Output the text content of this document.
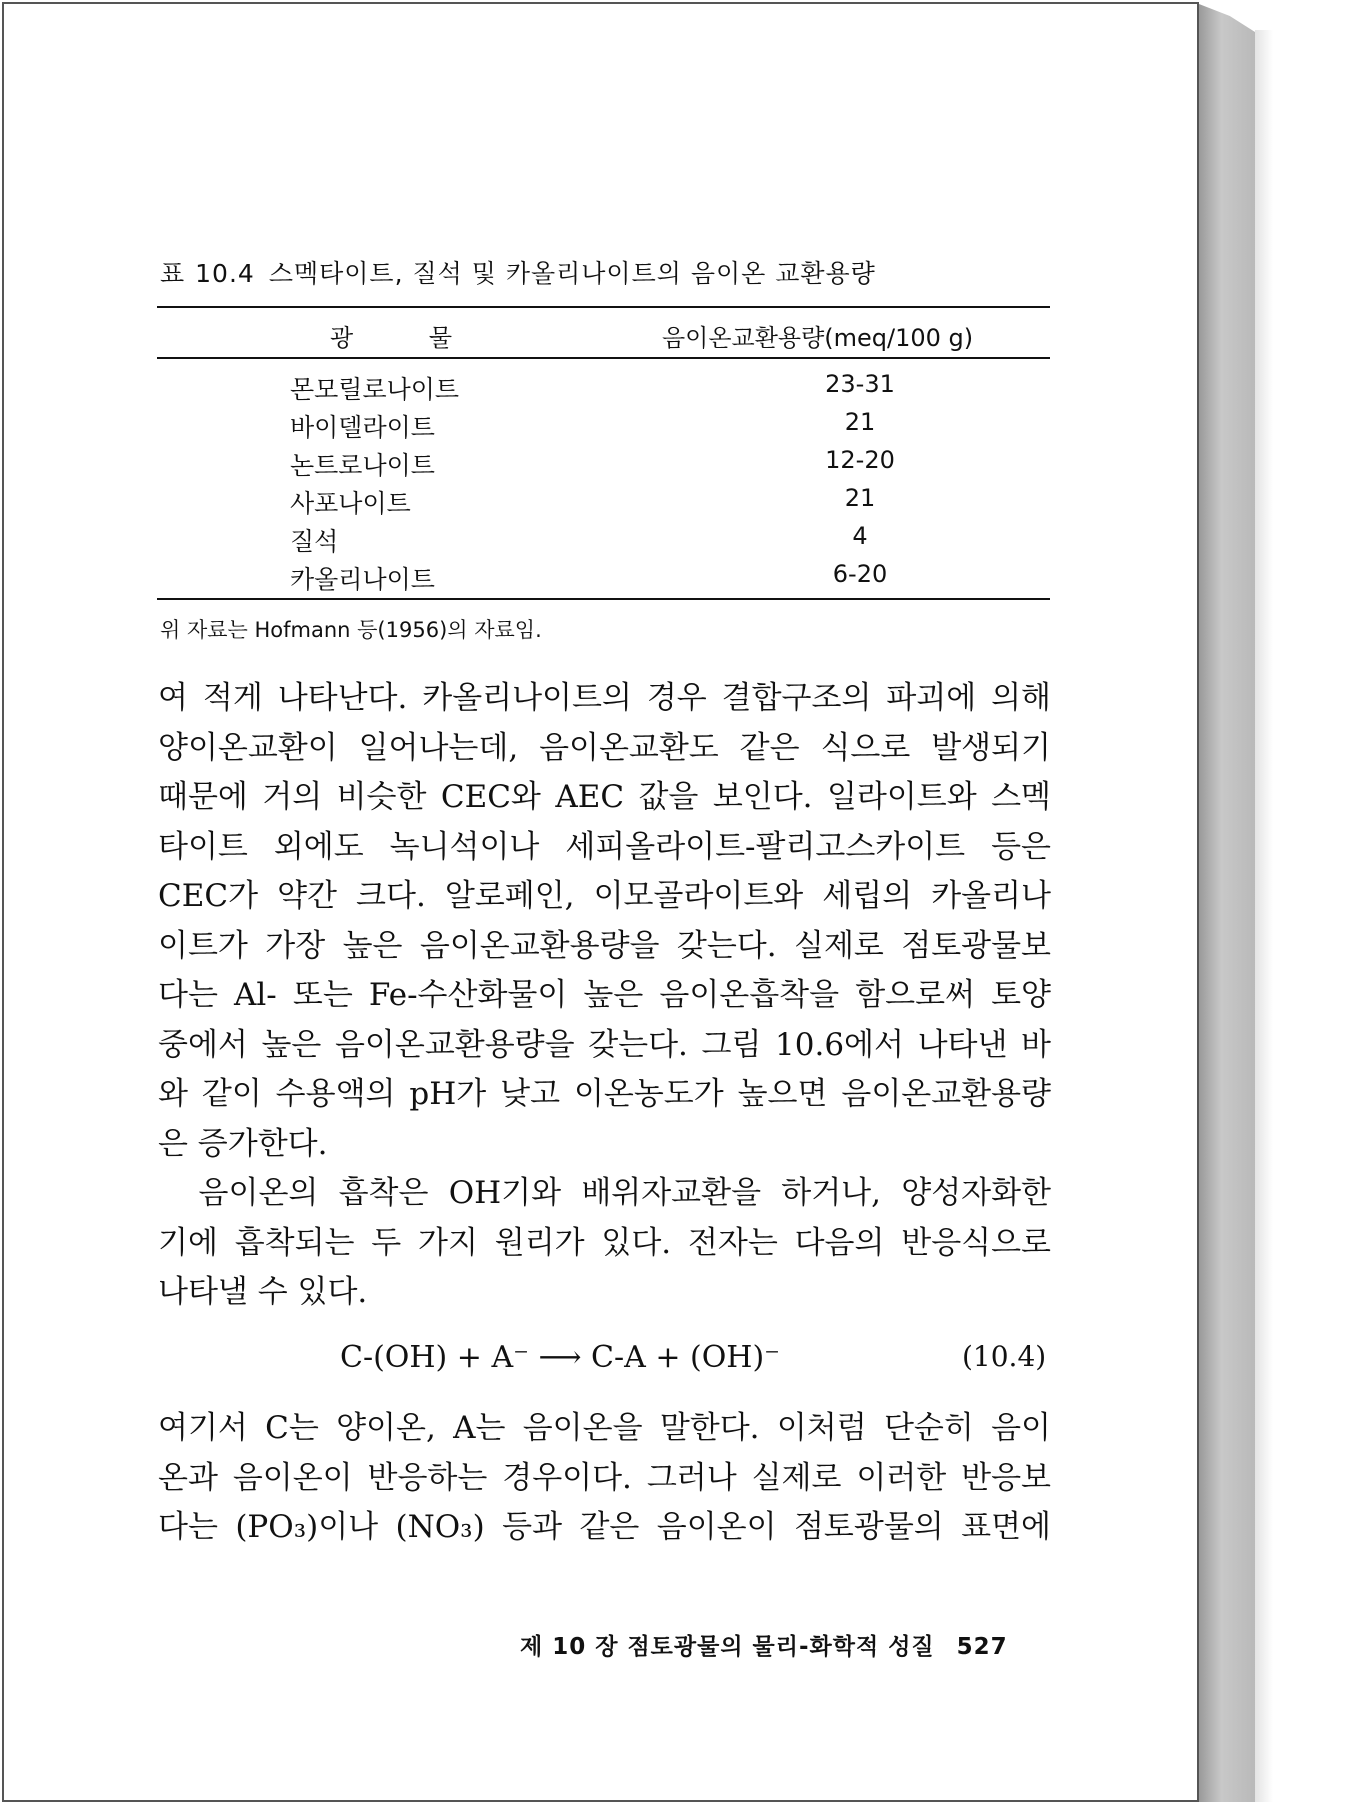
표 10.4 스멕타이트, 질석 및 카올리나이트의 음이온 교환용량
광 물	음이온교환용량(meq/100 g)
몬모릴로나이트	23-31
바이델라이트	21
논트로나이트	12-20
사포나이트	21
질석	4
카올리나이트	6-20
위 자료는 Hofmann 등(1956)의 자료임.
여 적게 나타난다. 카올리나이트의 경우 결합구조의 파괴에 의해
양이온교환이 일어나는데, 음이온교환도 같은 식으로 발생되기
때문에 거의 비슷한 CEC와 AEC 값을 보인다. 일라이트와 스멕
타이트 외에도 녹니석이나 세피올라이트-팔리고스카이트 등은
CEC가 약간 크다. 알로페인, 이모골라이트와 세립의 카올리나
이트가 가장 높은 음이온교환용량을 갖는다. 실제로 점토광물보
다는 Al- 또는 Fe-수산화물이 높은 음이온흡착을 함으로써 토양
중에서 높은 음이온교환용량을 갖는다. 그림 10.6에서 나타낸 바
와 같이 수용액의 pH가 낮고 이온농도가 높으면 음이온교환용량
은 증가한다.
음이온의 흡착은 OH기와 배위자교환을 하거나, 양성자화한
기에 흡착되는 두 가지 원리가 있다. 전자는 다음의 반응식으로
나타낼 수 있다.
C-(OH) + A⁻ ⟶ C-A + (OH)⁻	(10.4)
여기서 C는 양이온, A는 음이온을 말한다. 이처럼 단순히 음이
온과 음이온이 반응하는 경우이다. 그러나 실제로 이러한 반응보
다는 (PO₃)이나 (NO₃) 등과 같은 음이온이 점토광물의 표면에
제 10 장 점토광물의 물리-화학적 성질 527
